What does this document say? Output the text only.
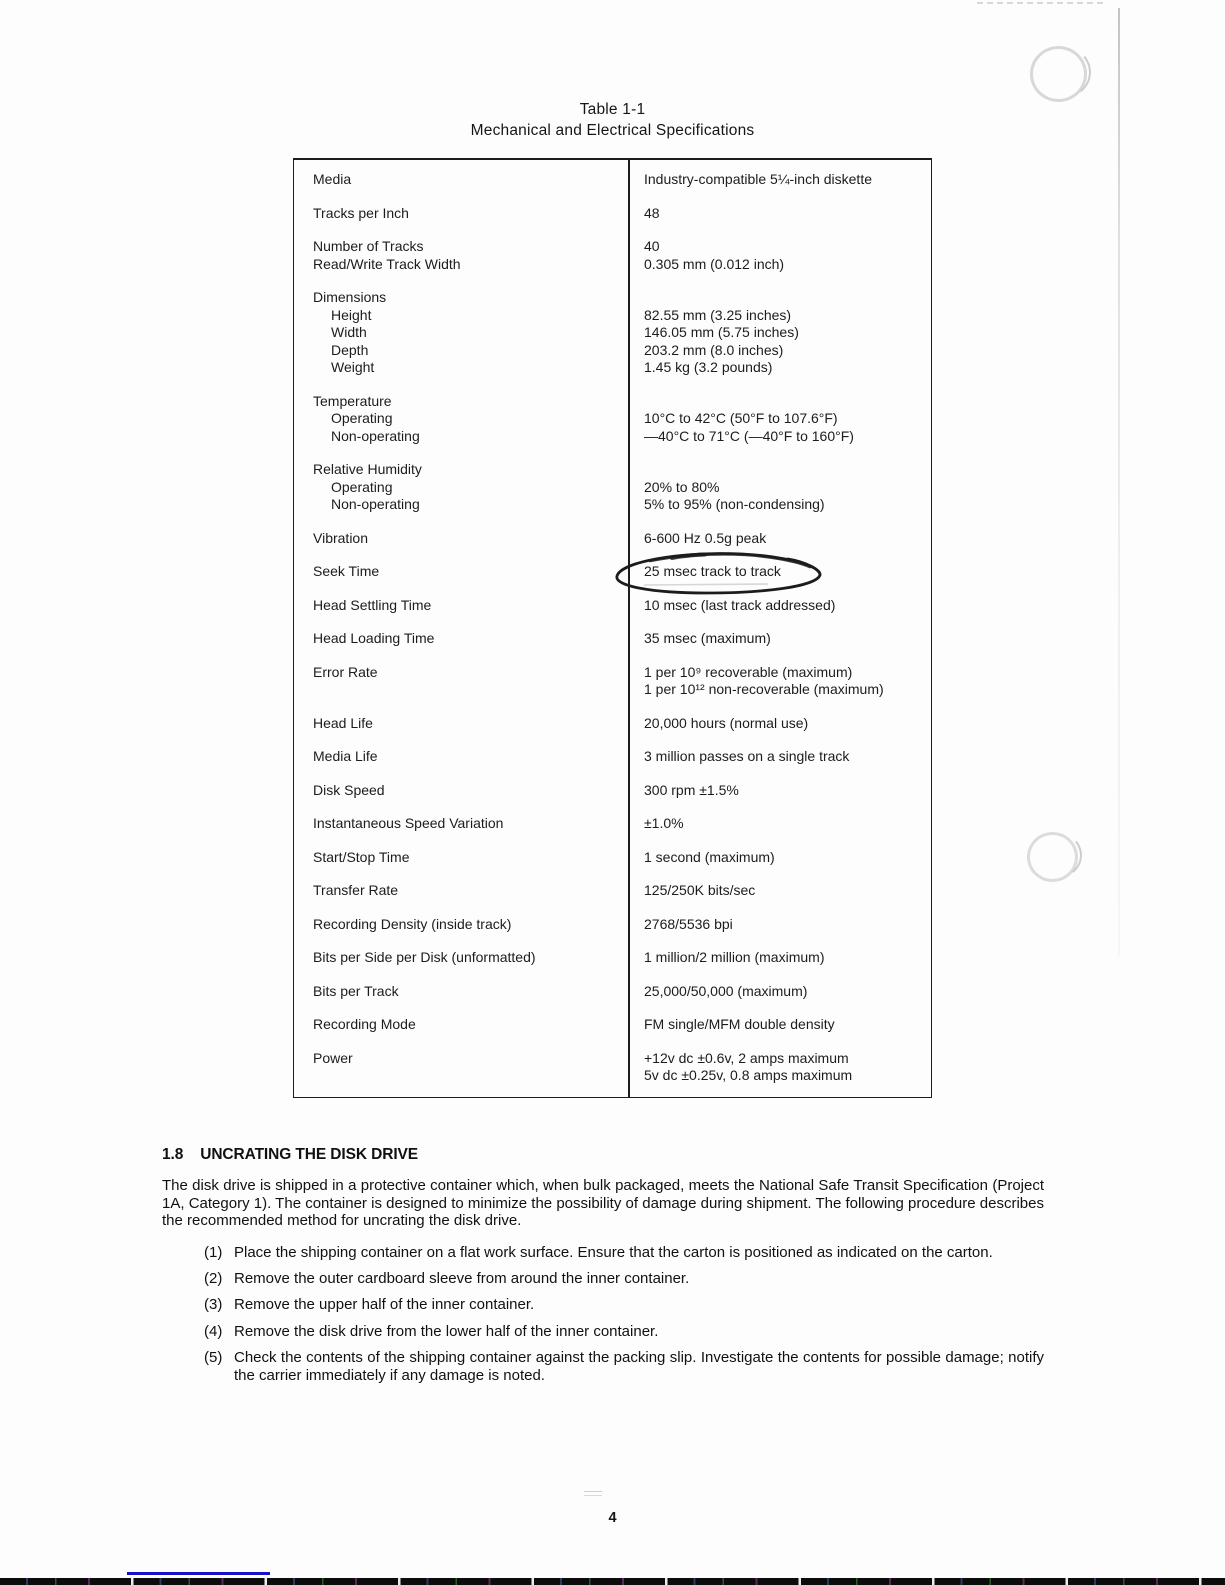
Table 1-1
Mechanical and Electrical Specifications
Media	Industry-compatible 5¼-inch diskette
Tracks per Inch	48
Number of Tracks	40
Read/Write Track Width	0.305 mm (0.012 inch)
Dimensions
Height	82.55 mm (3.25 inches)
Width	146.05 mm (5.75 inches)
Depth	203.2 mm (8.0 inches)
Weight	1.45 kg (3.2 pounds)
Temperature
Operating	10°C to 42°C (50°F to 107.6°F)
Non-operating	—40°C to 71°C (—40°F to 160°F)
Relative Humidity
Operating	20% to 80%
Non-operating	5% to 95% (non-condensing)
Vibration	6-600 Hz 0.5g peak
Seek Time	25 msec track to track
Head Settling Time	10 msec (last track addressed)
Head Loading Time	35 msec (maximum)
Error Rate	1 per 10⁹ recoverable (maximum)
1 per 10¹² non-recoverable (maximum)
Head Life	20,000 hours (normal use)
Media Life	3 million passes on a single track
Disk Speed	300 rpm ±1.5%
Instantaneous Speed Variation	±1.0%
Start/Stop Time	1 second (maximum)
Transfer Rate	125/250K bits/sec
Recording Density (inside track)	2768/5536 bpi
Bits per Side per Disk (unformatted)	1 million/2 million (maximum)
Bits per Track	25,000/50,000 (maximum)
Recording Mode	FM single/MFM double density
Power	+12v dc ±0.6v, 2 amps maximum
5v dc ±0.25v, 0.8 amps maximum
1.8 UNCRATING THE DISK DRIVE
The disk drive is shipped in a protective container which, when bulk packaged, meets the National Safe Transit Specification (Project 1A, Category 1). The container is designed to minimize the possibility of damage during shipment. The following procedure describes the recommended method for uncrating the disk drive.
(1) Place the shipping container on a flat work surface. Ensure that the carton is positioned as indicated on the carton.
(2) Remove the outer cardboard sleeve from around the inner container.
(3) Remove the upper half of the inner container.
(4) Remove the disk drive from the lower half of the inner container.
(5) Check the contents of the shipping container against the packing slip. Investigate the contents for possible damage; notify the carrier immediately if any damage is noted.
4
